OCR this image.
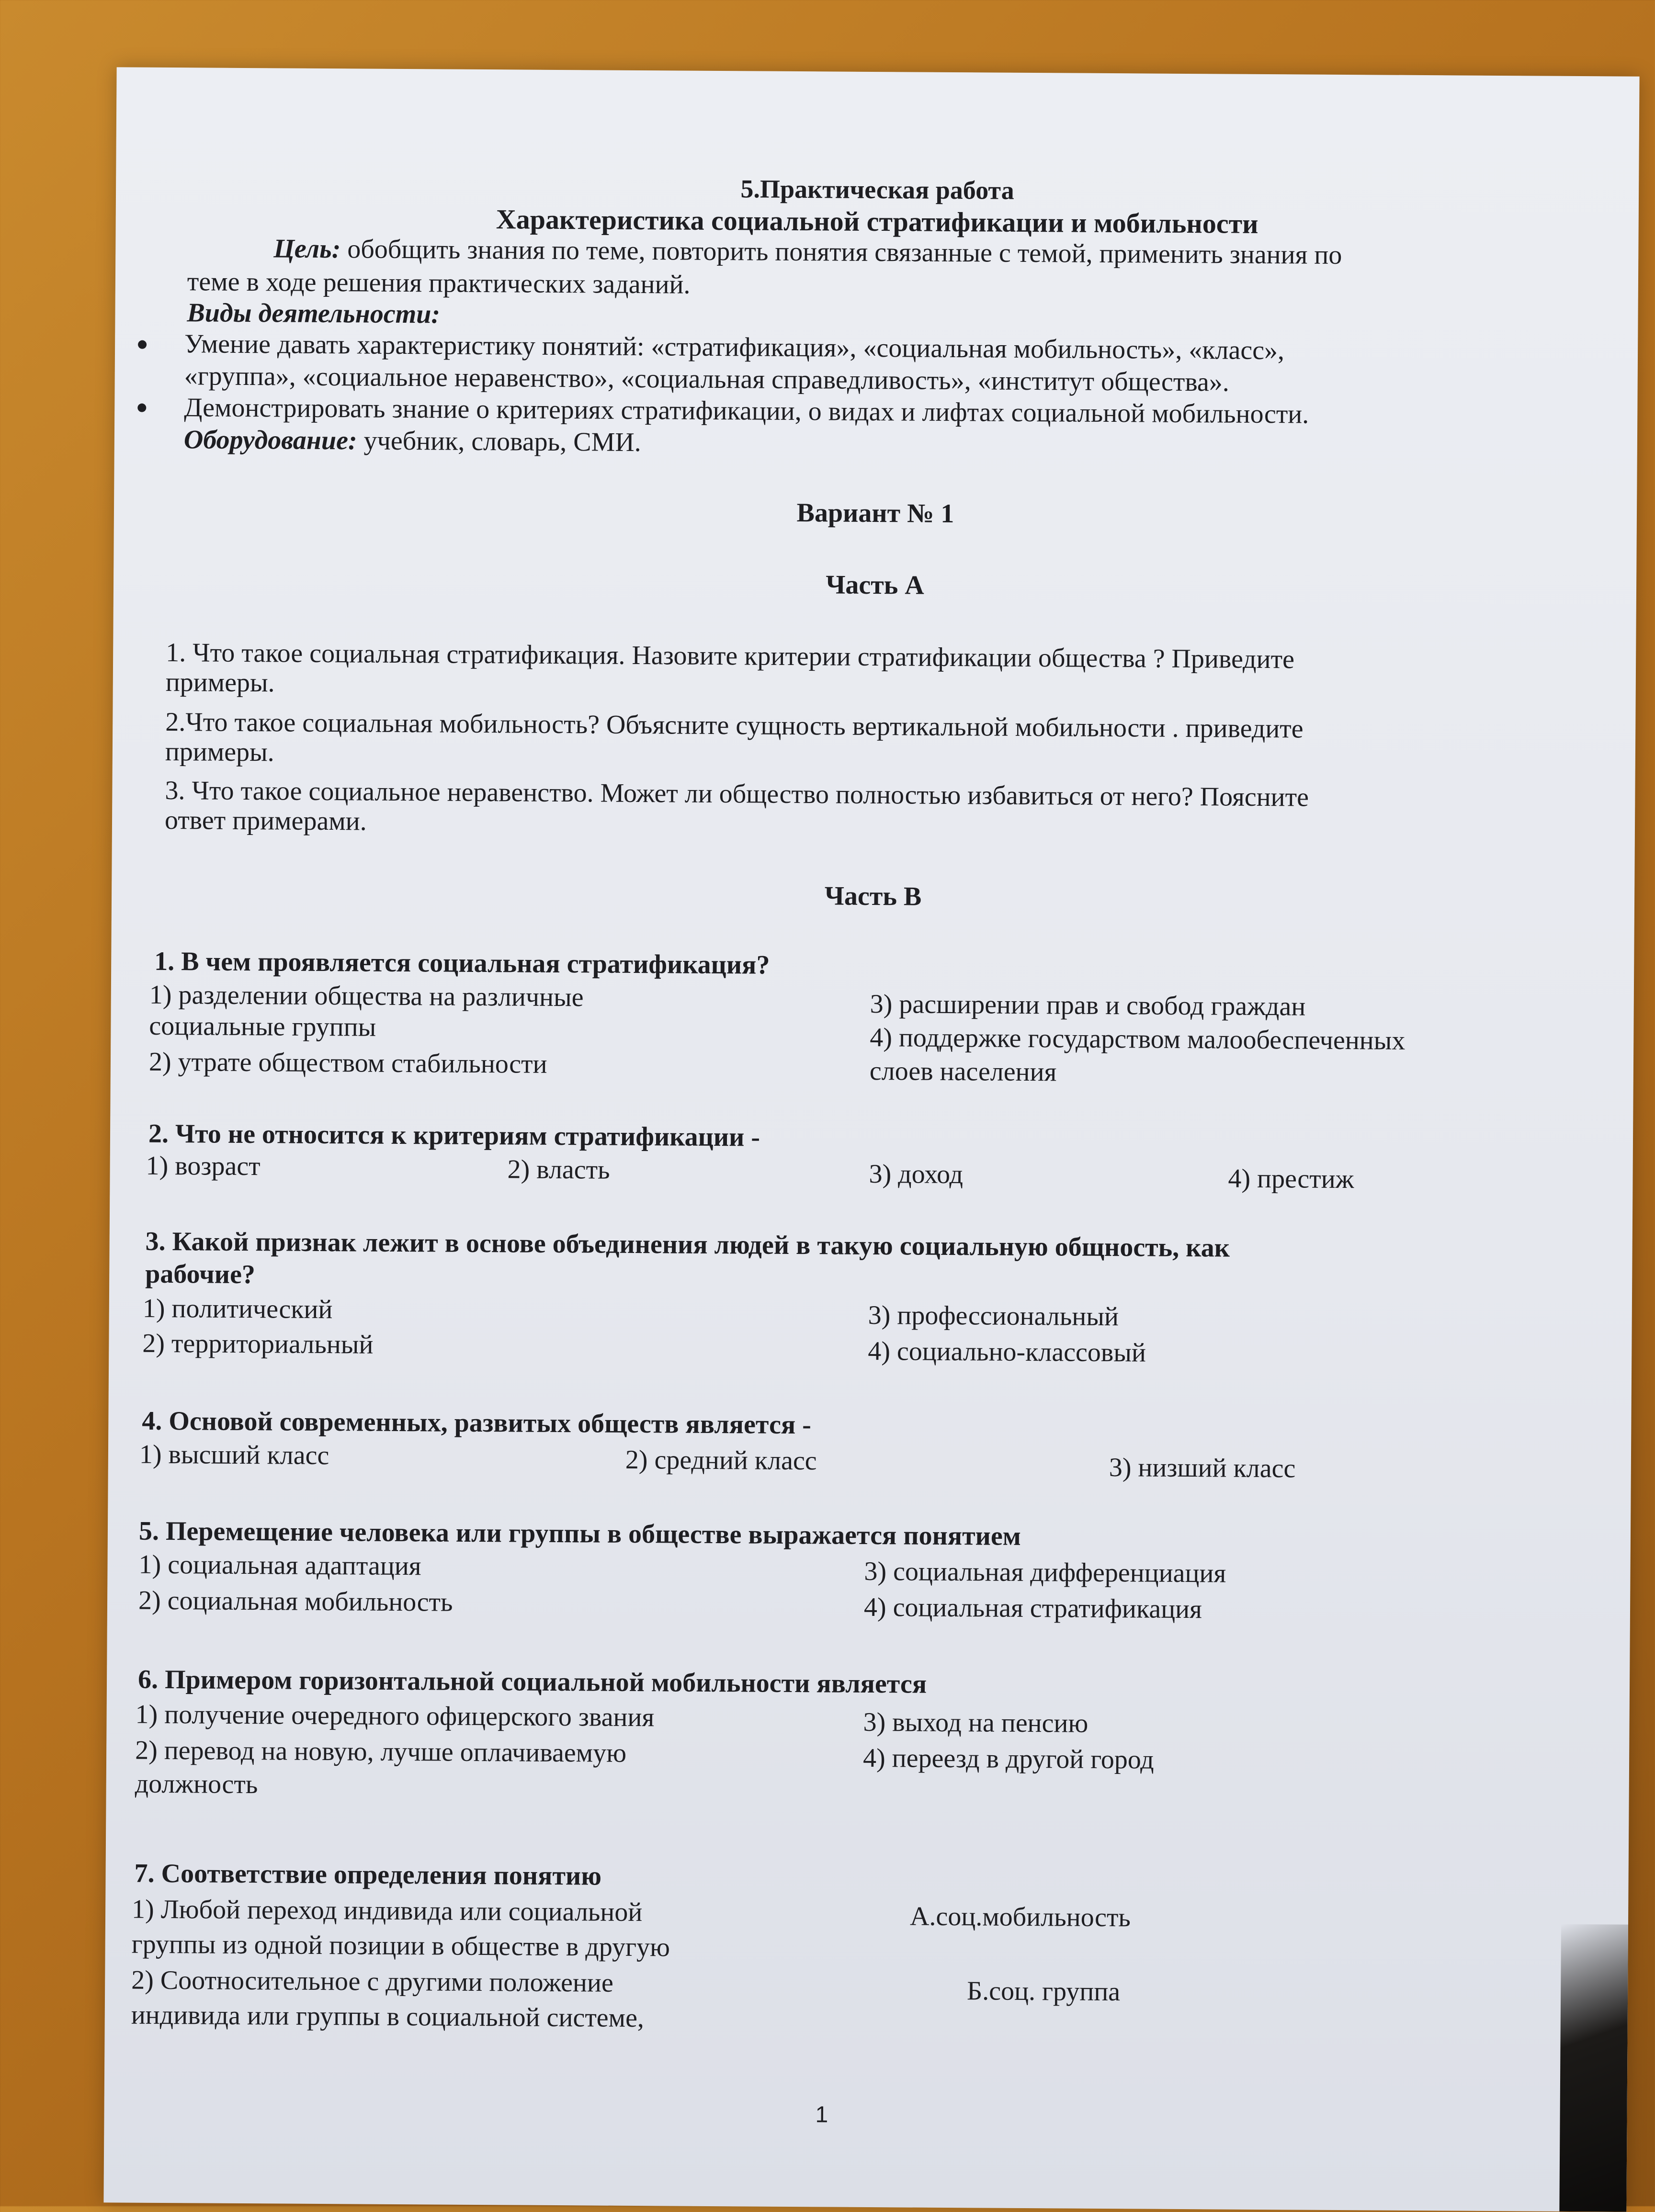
5.Практическая работа
Характеристика социальной стратификации и мобильности
Цель: обобщить знания по теме, повторить понятия связанные с темой, применить знания по
теме в ходе решения практических заданий.
Виды деятельности:
Умение давать характеристику понятий: «стратификация», «социальная мобильность», «класс»,
«группа», «социальное неравенство», «социальная справедливость», «институт общества».
Демонстрировать знание о критериях стратификации, о видах и лифтах социальной мобильности.
Оборудование: учебник, словарь, СМИ.
Вариант № 1
Часть А
1. Что такое социальная стратификация. Назовите критерии стратификации общества ? Приведите
примеры.
2.Что такое социальная мобильность? Объясните сущность вертикальной мобильности . приведите
примеры.
3. Что такое социальное неравенство. Может ли общество полностью избавиться от него? Поясните
ответ примерами.
Часть В
1. В чем проявляется социальная стратификация?
1) разделении общества на различные
социальные группы
2) утрате обществом стабильности
3) расширении прав и свобод граждан
4) поддержке государством малообеспеченных
слоев населения
2. Что не относится к критериям стратификации -
1) возраст	2) власть	3) доход	4) престиж
3. Какой признак лежит в основе объединения людей в такую социальную общность, как
рабочие?
1) политический
2) территориальный
3) профессиональный
4) социально-классовый
4. Основой современных, развитых обществ является -
1) высший класс	2) средний класс	3) низший класс
5. Перемещение человека или группы в обществе выражается понятием
1) социальная адаптация
2) социальная мобильность
3) социальная дифференциация
4) социальная стратификация
6. Примером горизонтальной социальной мобильности является
1) получение очередного офицерского звания
2) перевод на новую, лучше оплачиваемую
должность
3) выход на пенсию
4) переезд в другой город
7. Соответствие определения понятию
1) Любой переход индивида или социальной
группы из одной позиции в обществе в другую
2) Соотносительное с другими положение
индивида или группы в социальной системе,
А.соц.мобильность
Б.соц. группа
1
